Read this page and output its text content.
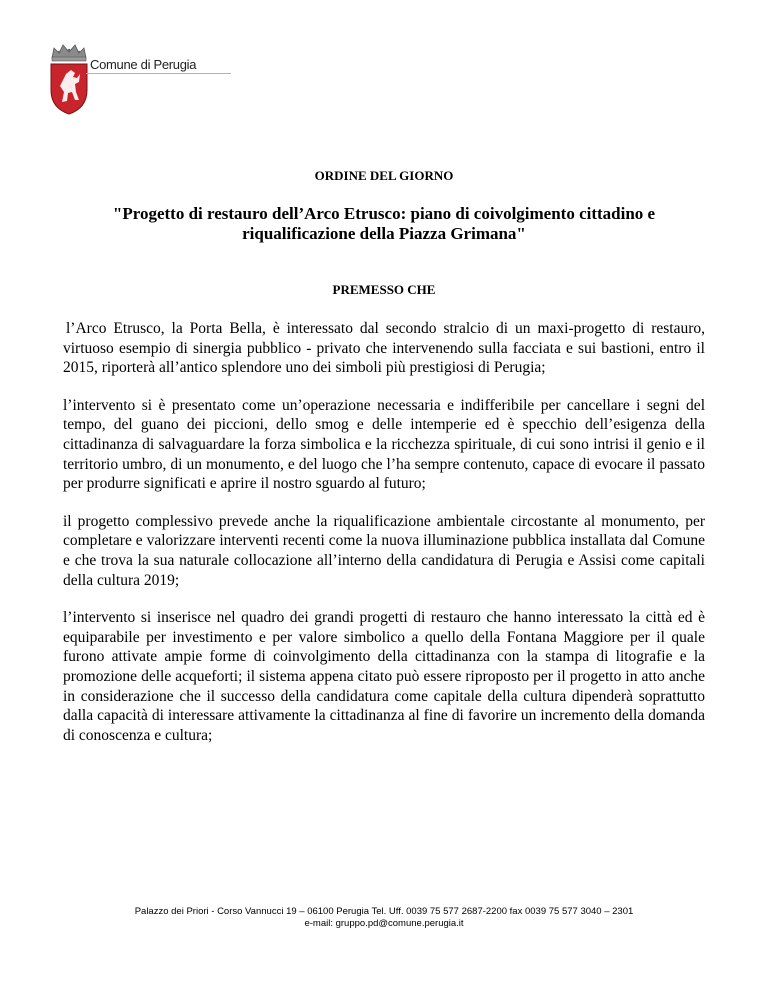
Comune di Perugia
ORDINE DEL GIORNO
"Progetto di restauro dell’Arco Etrusco: piano di coivolgimento cittadino e riqualificazione della Piazza Grimana"
PREMESSO CHE

l’Arco Etrusco, la Porta Bella, è interessato dal secondo stralcio di un maxi-progetto di restauro, virtuoso esempio di sinergia pubblico - privato che intervenendo sulla facciata e sui bastioni, entro il 2015, riporterà all’antico splendore uno dei simboli più prestigiosi di Perugia;

l’intervento si è presentato come un’operazione necessaria e indifferibile per cancellare i segni del tempo, del guano dei piccioni, dello smog e delle intemperie ed è specchio dell’esigenza della cittadinanza di salvaguardare la forza simbolica e la ricchezza spirituale, di cui sono intrisi il genio e il territorio umbro, di un monumento, e del luogo che l’ha sempre contenuto, capace di evocare il passato per produrre significati e aprire il nostro sguardo al futuro;

il progetto complessivo prevede anche la riqualificazione ambientale circostante al monumento, per completare e valorizzare interventi recenti come la nuova illuminazione pubblica installata dal Comune e che trova la sua naturale collocazione all’interno della candidatura di Perugia e Assisi come capitali della cultura 2019;

l’intervento si inserisce nel quadro dei grandi progetti di restauro che hanno interessato la città ed è equiparabile per investimento e per valore simbolico a quello della Fontana Maggiore per il quale furono attivate ampie forme di coinvolgimento della cittadinanza con la stampa di litografie e la promozione delle acqueforti; il sistema appena citato può essere riproposto per il progetto in atto anche in considerazione che il successo della candidatura come capitale della cultura dipenderà soprattutto dalla capacità di interessare attivamente la cittadinanza al fine di favorire un incremento della domanda di conoscenza e cultura;

Palazzo dei Priori - Corso Vannucci 19 – 06100 Perugia Tel. Uff. 0039 75 577 2687-2200 fax 0039 75 577 3040 – 2301
e-mail: gruppo.pd@comune.perugia.it
